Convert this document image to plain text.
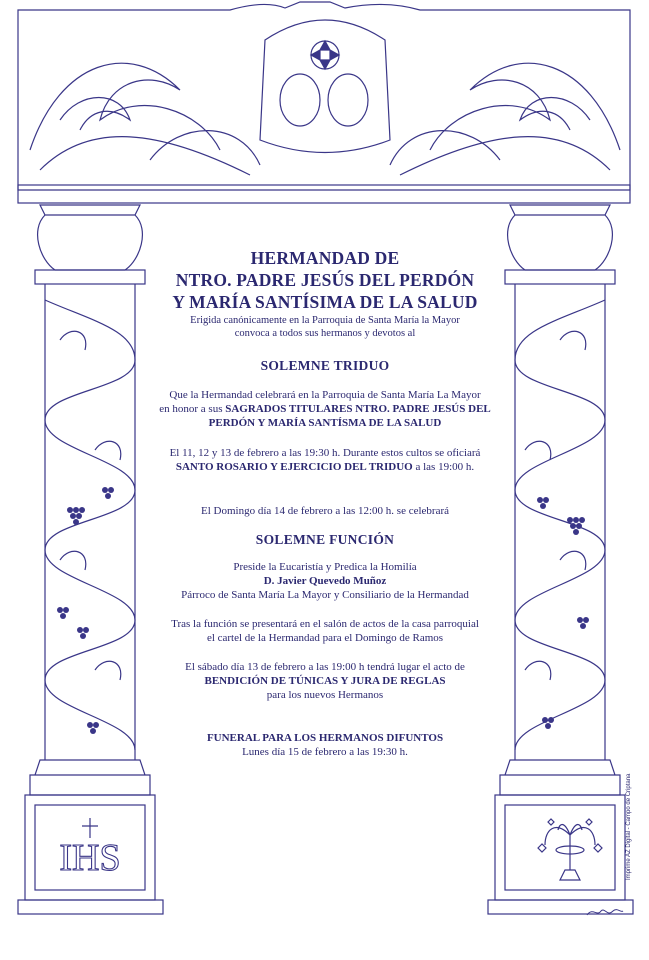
IHS
HERMANDAD DE
NTRO. PADRE JESÚS DEL PERDÓN
Y MARÍA SANTÍSIMA DE LA SALUD
Erigida canónicamente en la Parroquia de Santa María la Mayor
convoca a todos sus hermanos y devotos al
SOLEMNE TRIDUO
Que la Hermandad celebrará en la Parroquia de Santa María La Mayor
en honor a sus SAGRADOS TITULARES NTRO. PADRE JESÚS DEL
PERDÓN Y MARÍA SANTÍSMA DE LA SALUD
El 11, 12 y 13 de febrero a las 19:30 h. Durante estos cultos se oficiará
SANTO ROSARIO Y EJERCICIO DEL TRIDUO a las 19:00 h.
El Domingo día 14 de febrero a las 12:00 h. se celebrará
SOLEMNE FUNCIÓN
Preside la Eucaristía y Predica la Homilía
D. Javier Quevedo Muñoz
Párroco de Santa María La Mayor y Consiliario de la Hermandad
Tras la función se presentará en el salón de actos de la casa parroquial
el cartel de la Hermandad para el Domingo de Ramos
El sábado día 13 de febrero a las 19:00 h tendrá lugar el acto de
BENDICIÓN DE TÚNICAS Y JURA DE REGLAS
para los nuevos Hermanos
FUNERAL PARA LOS HERMANOS DIFUNTOS
Lunes día 15 de febrero a las 19:30 h.
Imprime AZ Digital - Campo de Criptana
